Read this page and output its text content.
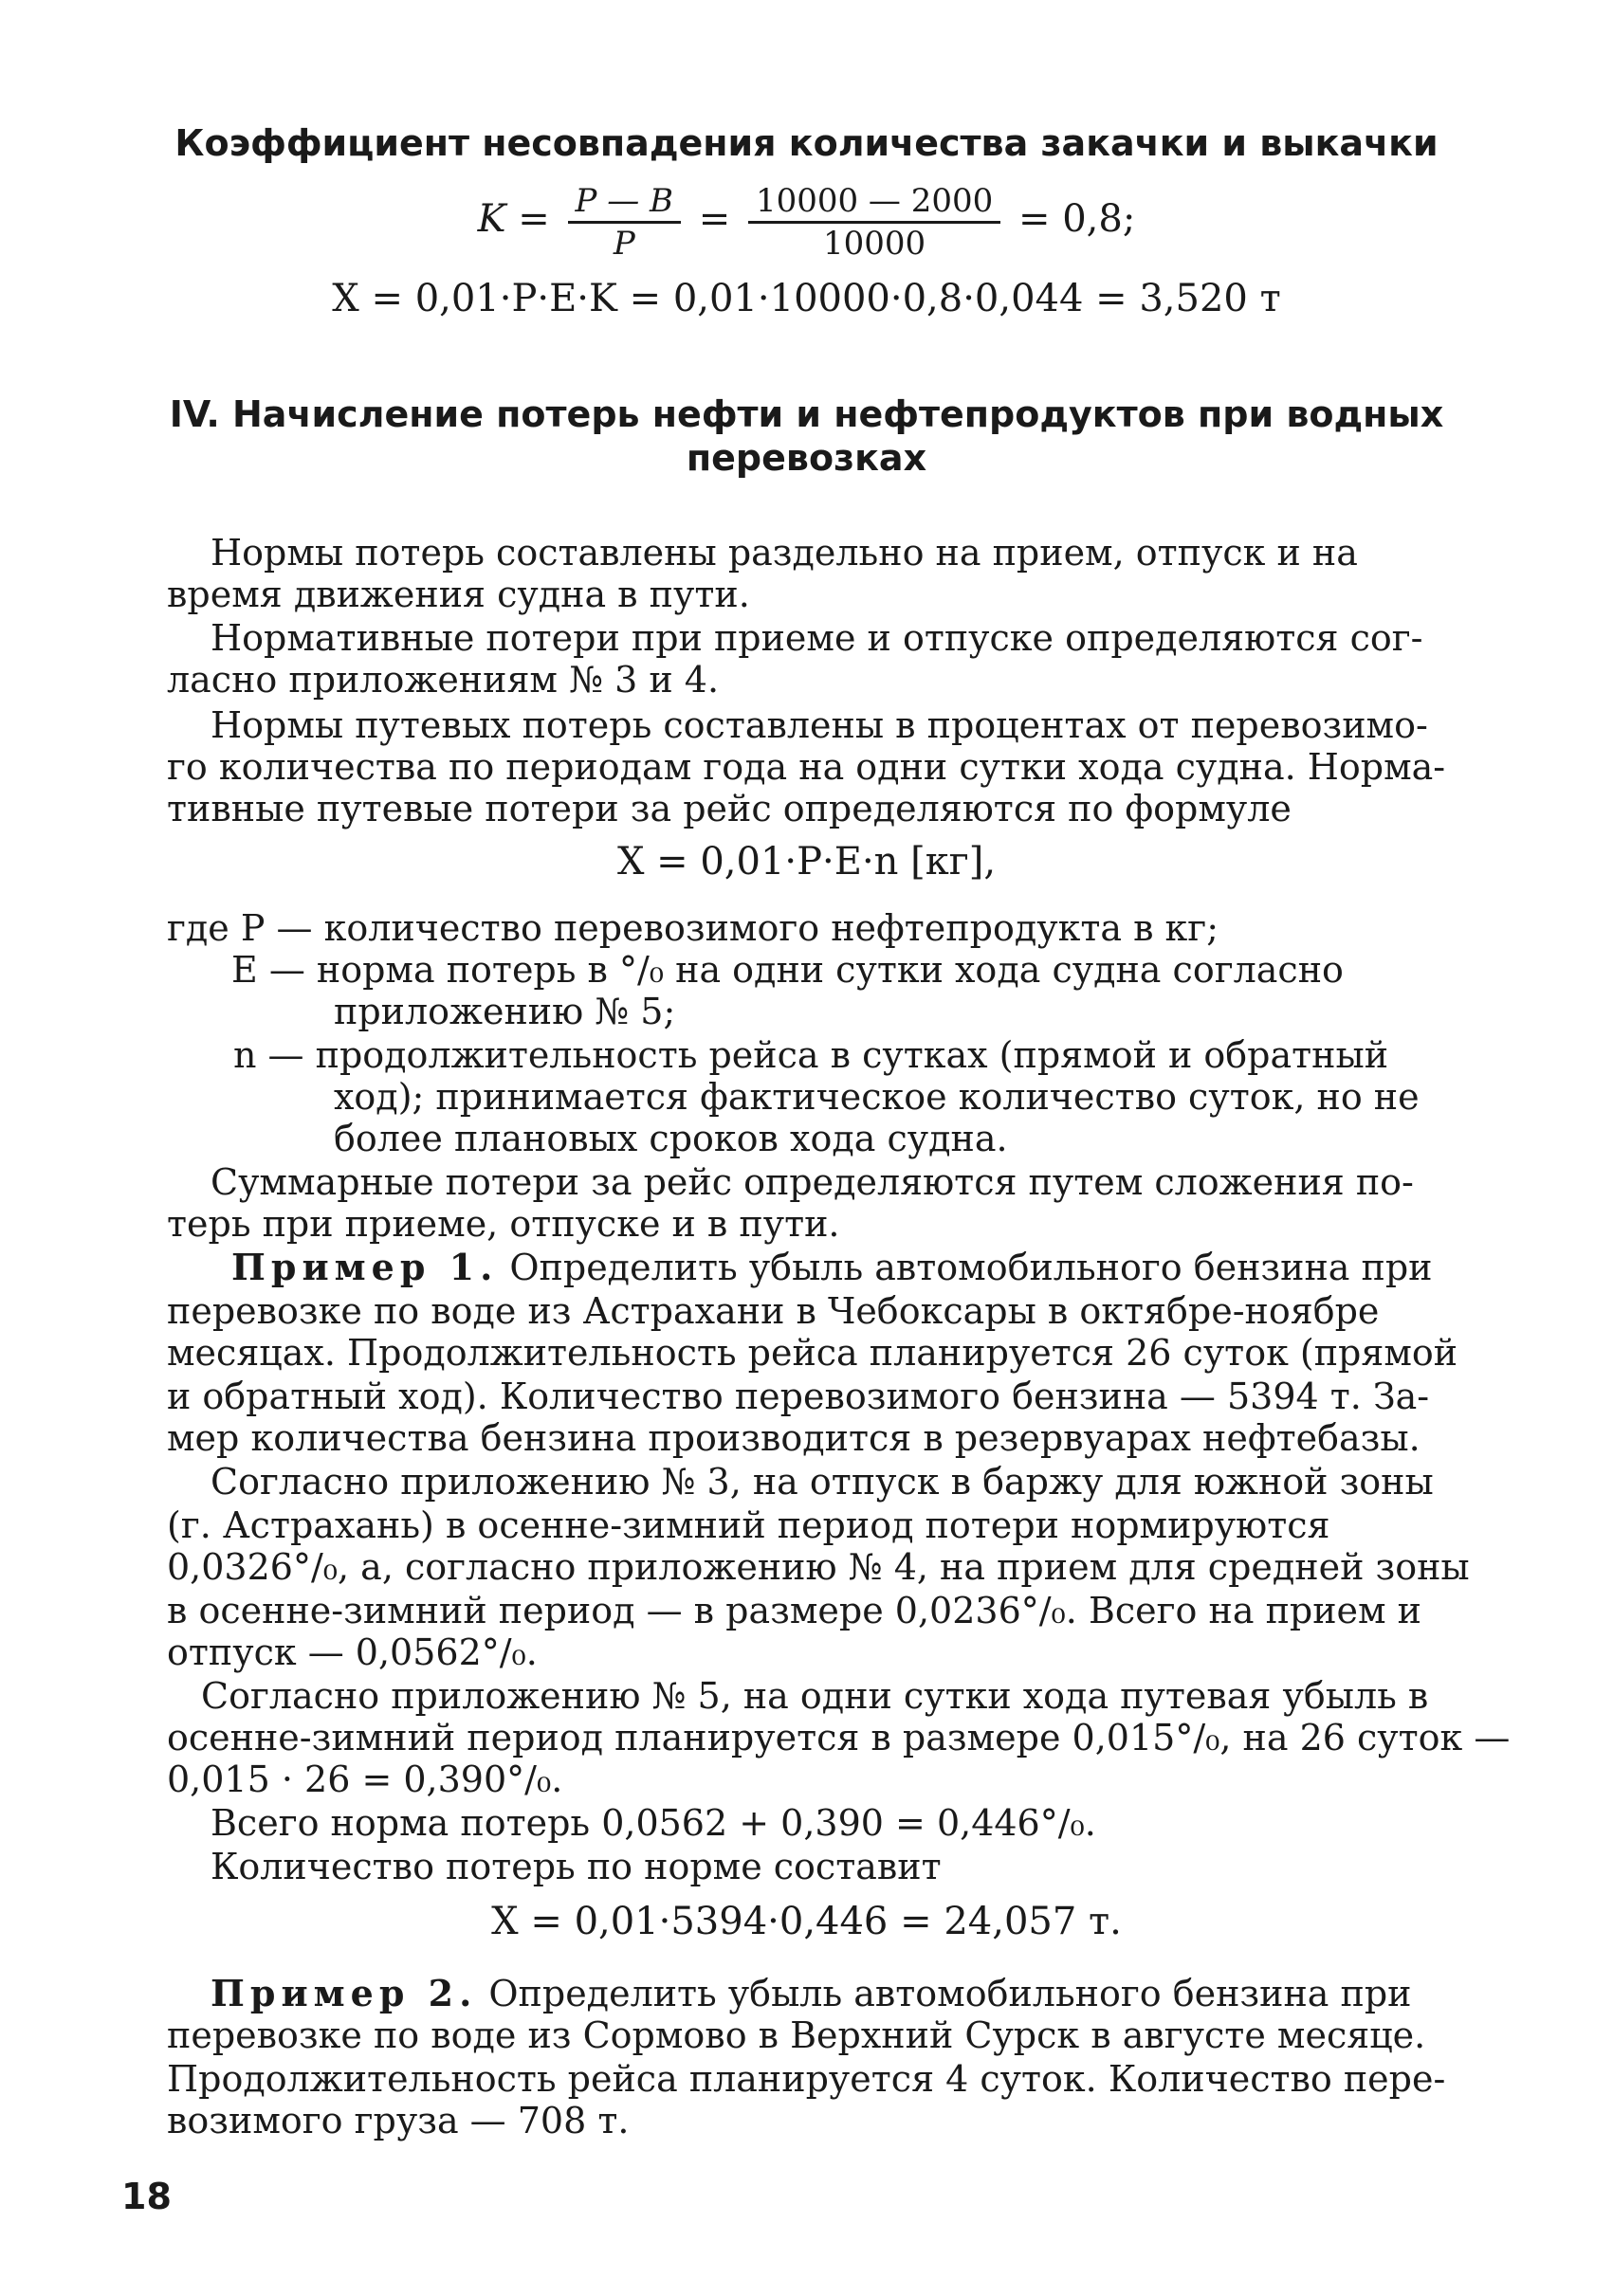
Коэффициент несовпадения количества закачки и выкачки
$K = \frac{P — B}{P} = \frac{10000 — 2000}{10000} = 0,8$;
X = 0,01·P·E·K = 0,01·10000·0,8·0,044 = 3,520 т
IV. Начисление потерь нефти и нефтепродуктов при водных
перевозках
Нормы потерь составлены раздельно на прием, отпуск и на
время движения судна в пути.
Нормативные потери при приеме и отпуске определяются сог-
ласно приложениям № 3 и 4.
Нормы путевых потерь составлены в процентах от перевозимо-
го количества по периодам года на одни сутки хода судна. Норма-
тивные путевые потери за рейс определяются по формуле
X = 0,01·P·E·n [кг],
где P — количество перевозимого нефтепродукта в кг;
E — норма потерь в °/₀ на одни сутки хода судна согласно
приложению № 5;
n — продолжительность рейса в сутках (прямой и обратный
ход); принимается фактическое количество суток, но не
более плановых сроков хода судна.
Суммарные потери за рейс определяются путем сложения по-
терь при приеме, отпуске и в пути.
Пример 1. Определить убыль автомобильного бензина при
перевозке по воде из Астрахани в Чебоксары в октябре-ноябре
месяцах. Продолжительность рейса планируется 26 суток (прямой
и обратный ход). Количество перевозимого бензина — 5394 т. За-
мер количества бензина производится в резервуарах нефтебазы.
Согласно приложению № 3, на отпуск в баржу для южной зоны
(г. Астрахань) в осенне-зимний период потери нормируются
0,0326°/₀, а, согласно приложению № 4, на прием для средней зоны
в осенне-зимний период — в размере 0,0236°/₀. Всего на прием и
отпуск — 0,0562°/₀.
Согласно приложению № 5, на одни сутки хода путевая убыль в
осенне-зимний период планируется в размере 0,015°/₀, на 26 суток —
0,015 · 26 = 0,390°/₀.
Всего норма потерь 0,0562 + 0,390 = 0,446°/₀.
Количество потерь по норме составит
X = 0,01·5394·0,446 = 24,057 т.
Пример 2. Определить убыль автомобильного бензина при
перевозке по воде из Сормово в Верхний Сурск в августе месяце.
Продолжительность рейса планируется 4 суток. Количество пере-
возимого груза — 708 т.
18
